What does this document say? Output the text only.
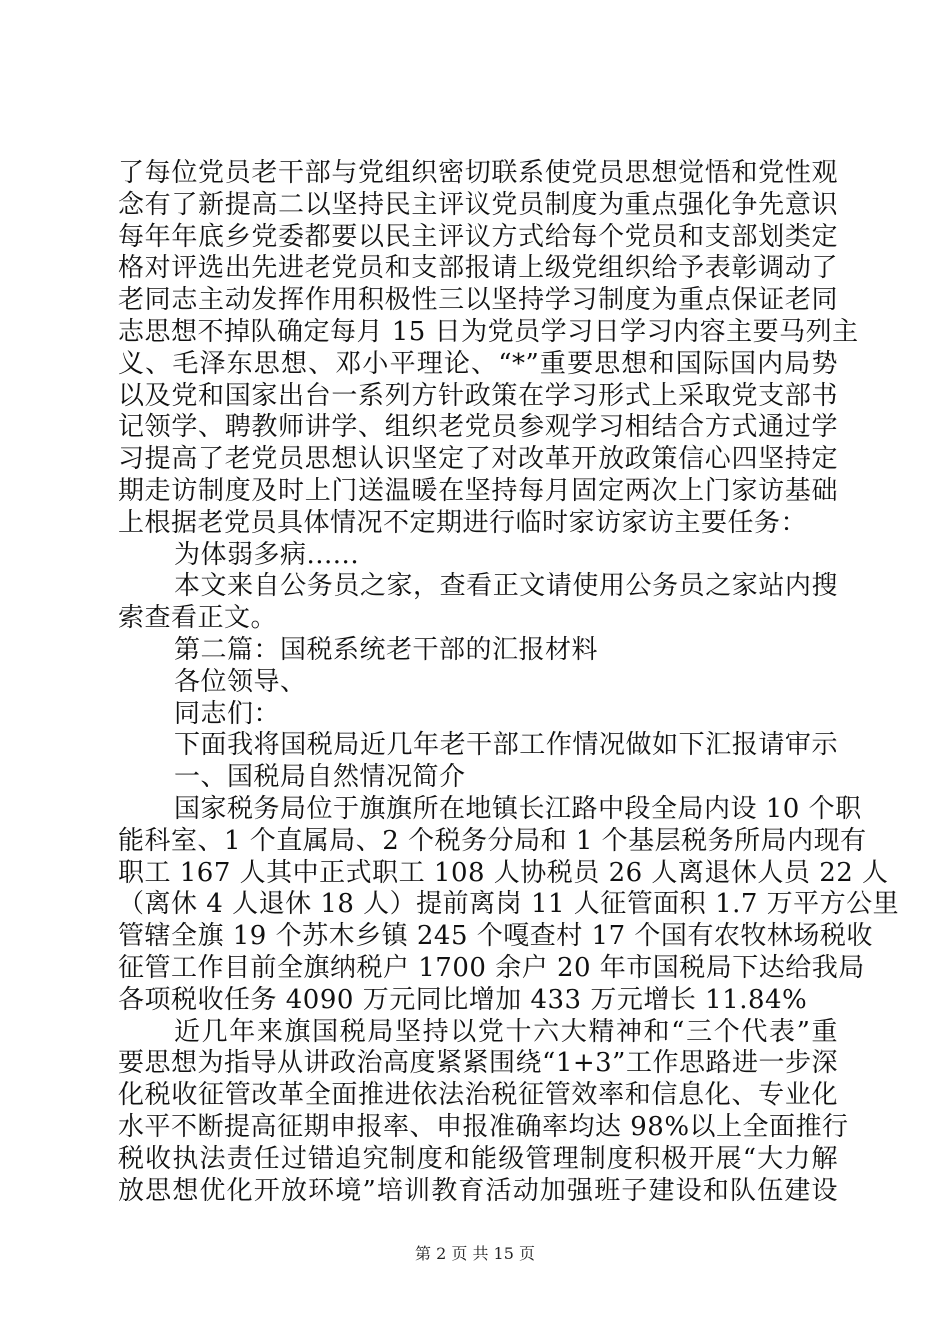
了每位党员老干部与党组织密切联系使党员思想觉悟和党性观
念有了新提高二以坚持民主评议党员制度为重点强化争先意识
每年年底乡党委都要以民主评议方式给每个党员和支部划类定
格对评选出先进老党员和支部报请上级党组织给予表彰调动了
老同志主动发挥作用积极性三以坚持学习制度为重点保证老同
志思想不掉队确定每月 15 日为党员学习日学习内容主要马列主
义、毛泽东思想、邓小平理论、“*”重要思想和国际国内局势
以及党和国家出台一系列方针政策在学习形式上采取党支部书
记领学、聘教师讲学、组织老党员参观学习相结合方式通过学
习提高了老党员思想认识坚定了对改革开放政策信心四坚持定
期走访制度及时上门送温暖在坚持每月固定两次上门家访基础
上根据老党员具体情况不定期进行临时家访家访主要任务：
为体弱多病......
本文来自公务员之家，查看正文请使用公务员之家站内搜
索查看正文。
第二篇：国税系统老干部的汇报材料
各位领导、
同志们：
下面我将国税局近几年老干部工作情况做如下汇报请审示
一、国税局自然情况简介
国家税务局位于旗旗所在地镇长江路中段全局内设 10 个职
能科室、1 个直属局、2 个税务分局和 1 个基层税务所局内现有
职工 167 人其中正式职工 108 人协税员 26 人离退休人员 22 人
（离休 4 人退休 18 人）提前离岗 11 人征管面积 1.7 万平方公里
管辖全旗 19 个苏木乡镇 245 个嘎查村 17 个国有农牧林场税收
征管工作目前全旗纳税户 1700 余户 20 年市国税局下达给我局
各项税收任务 4090 万元同比增加 433 万元增长 11.84%
近几年来旗国税局坚持以党十六大精神和“三个代表”重
要思想为指导从讲政治高度紧紧围绕“1+3”工作思路进一步深
化税收征管改革全面推进依法治税征管效率和信息化、专业化
水平不断提高征期申报率、申报准确率均达 98%以上全面推行
税收执法责任过错追究制度和能级管理制度积极开展“大力解
放思想优化开放环境”培训教育活动加强班子建设和队伍建设
第 2 页 共 15 页
